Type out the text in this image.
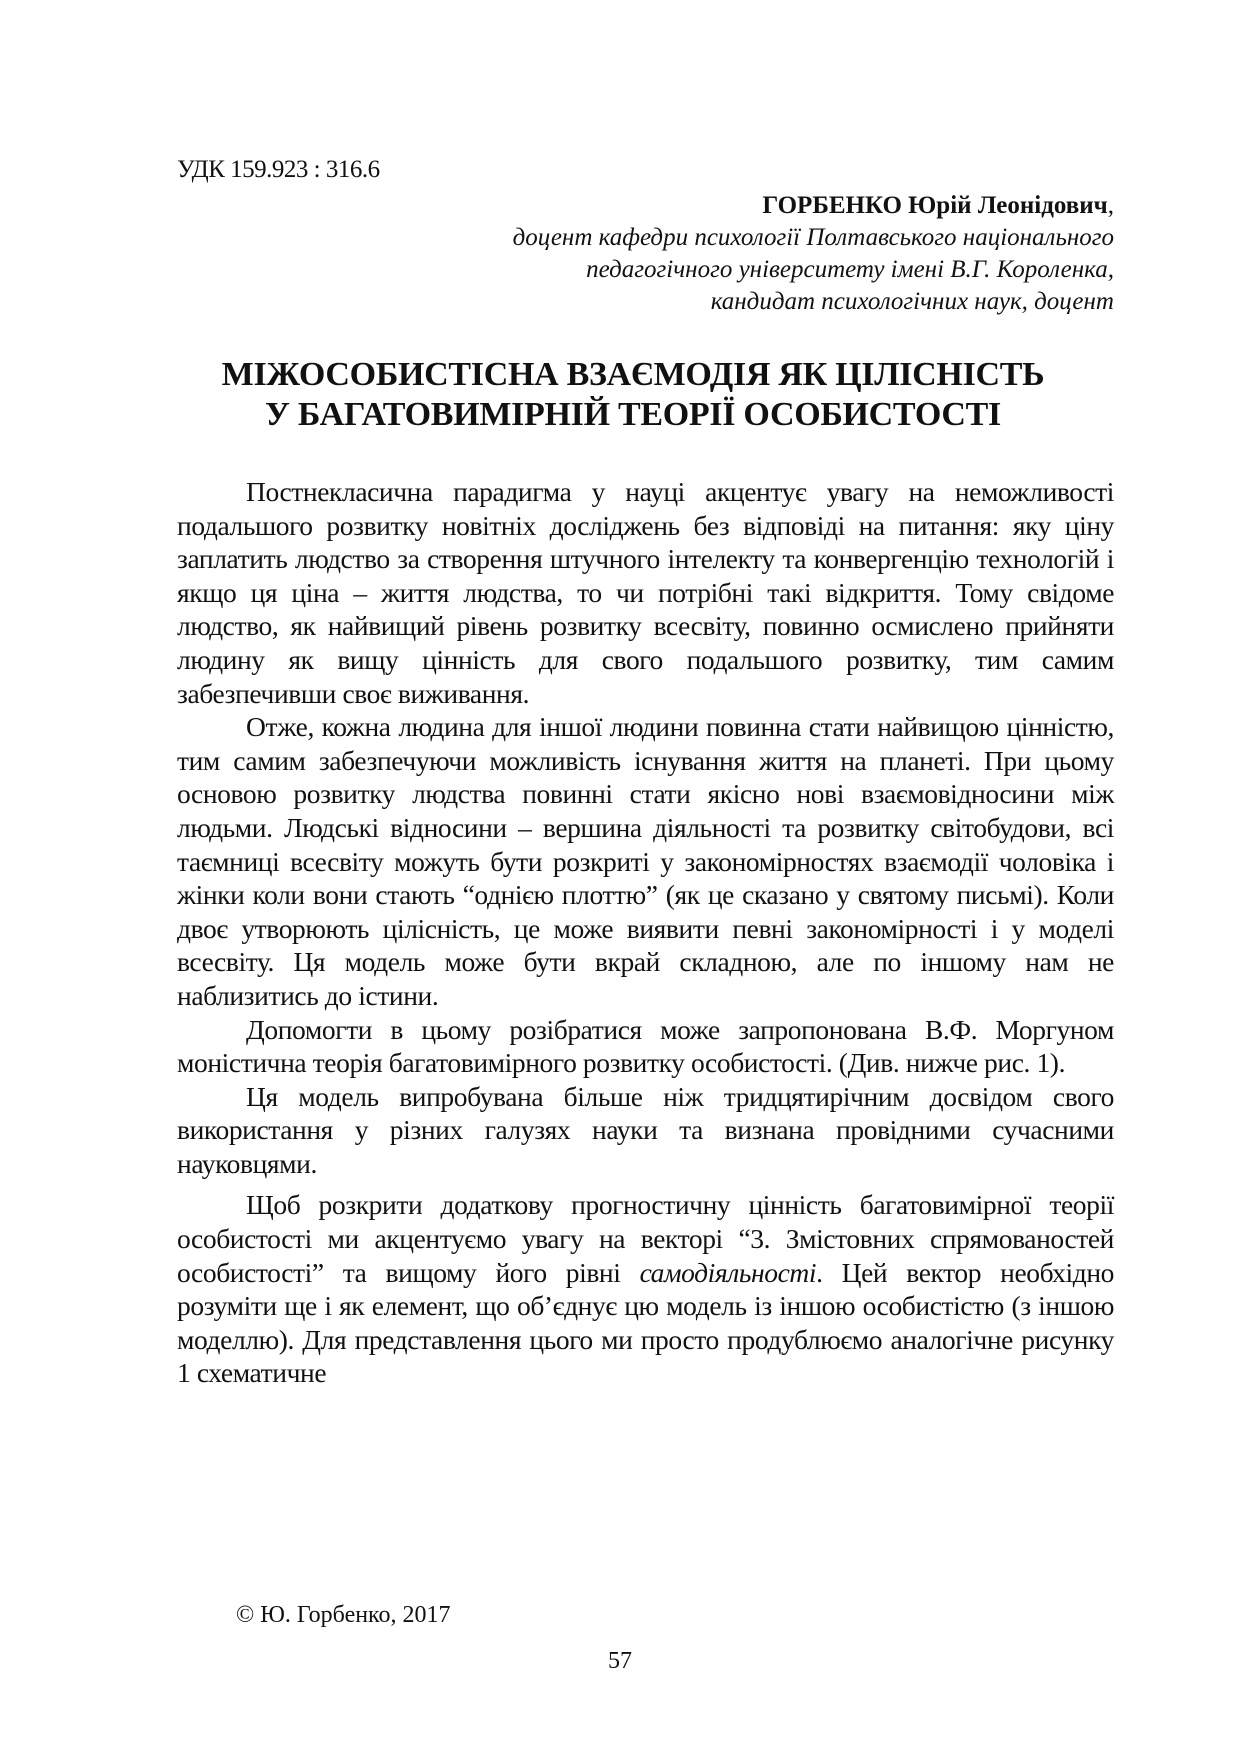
УДК 159.923 : 316.6
ГОРБЕНКО Юрій Леонідович,
доцент кафедри психології Полтавського національного
педагогічного університету імені В.Г. Короленка,
кандидат психологічних наук, доцент
МІЖОСОБИСТІСНА ВЗАЄМОДІЯ ЯК ЦІЛІСНІСТЬ
У БАГАТОВИМІРНІЙ ТЕОРІЇ ОСОБИСТОСТІ

Постнекласична парадигма у науці акцентує увагу на неможливості подальшого розвитку новітніх досліджень без відповіді на питання: яку ціну заплатить людство за створення штучного інтелекту та конвергенцію технологій і якщо ця ціна – життя людства, то чи потрібні такі відкриття. Тому свідоме людство, як найвищий рівень розвитку всесвіту, повинно осмислено прийняти людину як вищу цінність для свого подальшого розвитку, тим самим забезпечивши своє виживання.

Отже, кожна людина для іншої людини повинна стати найвищою цінністю, тим самим забезпечуючи можливість існування життя на планеті. При цьому основою розвитку людства повинні стати якісно нові взаємовідносини між людьми. Людські відносини – вершина діяльності та розвитку світобудови, всі таємниці всесвіту можуть бути розкриті у закономірностях взаємодії чоловіка і жінки коли вони стають “однією плоттю” (як це сказано у святому письмі). Коли двоє утворюють цілісність, це може виявити певні закономірності і у моделі всесвіту. Ця модель може бути вкрай складною, але по іншому нам не наблизитись до істини.

Допомогти в цьому розібратися може запропонована В.Ф. Моргуном моністична теорія багатовимірного розвитку особистості. (Див. нижче рис. 1).

Ця модель випробувана більше ніж тридцятирічним досвідом свого використання у різних галузях науки та визнана провідними сучасними науковцями.

Щоб розкрити додаткову прогностичну цінність багатовимірної теорії особистості ми акцентуємо увагу на векторі “3. Змістовних спрямованостей особистості” та вищому його рівні самодіяльності. Цей вектор необхідно розуміти ще і як елемент, що об’єднує цю модель із іншою особистістю (з іншою моделлю). Для представлення цього ми просто продублюємо аналогічне рисунку 1 схематичне

© Ю. Горбенко, 2017
57
